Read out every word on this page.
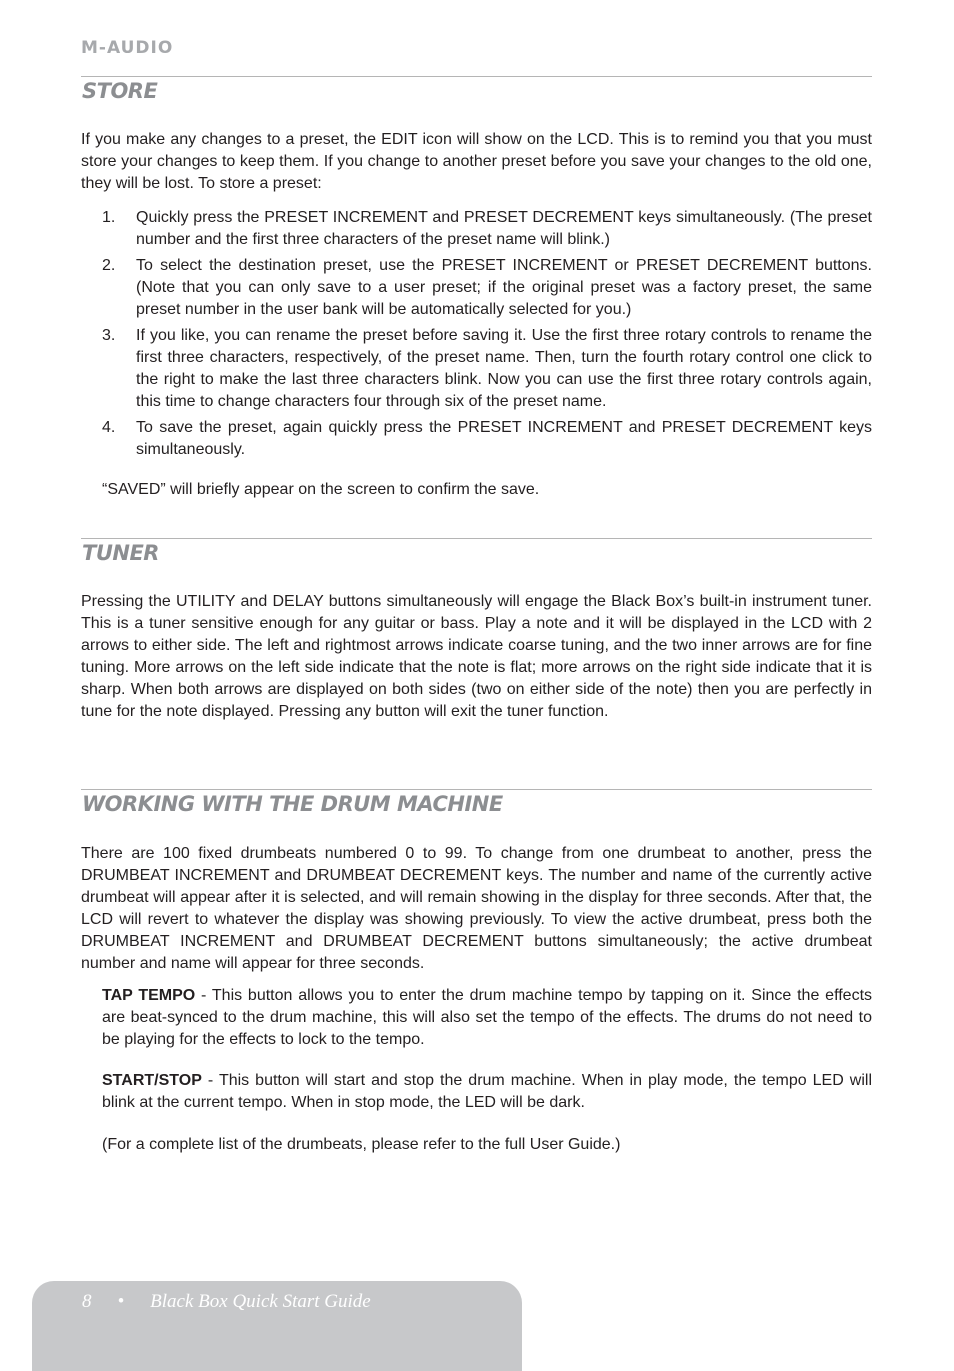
M-AUDIO
STORE

If you make any changes to a preset, the EDIT icon will show on the LCD. This is to remind you that you must store your changes to keep them. If you change to another preset before you save your changes to the old one, they will be lost. To store a preset:

1. Quickly press the PRESET INCREMENT and PRESET DECREMENT keys simultaneously. (The preset number and the first three characters of the preset name will blink.)
2. To select the destination preset, use the PRESET INCREMENT or PRESET DECREMENT buttons. (Note that you can only save to a user preset; if the original preset was a factory preset, the same preset number in the user bank will be automatically selected for you.)
3. If you like, you can rename the preset before saving it. Use the first three rotary controls to rename the first three characters, respectively, of the preset name. Then, turn the fourth rotary control one click to the right to make the last three characters blink. Now you can use the first three rotary controls again, this time to change characters four through six of the preset name.
4. To save the preset, again quickly press the PRESET INCREMENT and PRESET DECREMENT keys simultaneously.

“SAVED” will briefly appear on the screen to confirm the save.

TUNER

Pressing the UTILITY and DELAY buttons simultaneously will engage the Black Box’s built-in instrument tuner. This is a tuner sensitive enough for any guitar or bass. Play a note and it will be displayed in the LCD with 2 arrows to either side. The left and rightmost arrows indicate coarse tuning, and the two inner arrows are for fine tuning. More arrows on the left side indicate that the note is flat; more arrows on the right side indicate that it is sharp. When both arrows are displayed on both sides (two on either side of the note) then you are perfectly in tune for the note displayed. Pressing any button will exit the tuner function.

WORKING WITH THE DRUM MACHINE

There are 100 fixed drumbeats numbered 0 to 99. To change from one drumbeat to another, press the DRUMBEAT INCREMENT and DRUMBEAT DECREMENT keys. The number and name of the currently active drumbeat will appear after it is selected, and will remain showing in the display for three seconds. After that, the LCD will revert to whatever the display was showing previously. To view the active drumbeat, press both the DRUMBEAT INCREMENT and DRUMBEAT DECREMENT buttons simultaneously; the active drumbeat number and name will appear for three seconds.

TAP TEMPO - This button allows you to enter the drum machine tempo by tapping on it. Since the effects are beat-synced to the drum machine, this will also set the tempo of the effects. The drums do not need to be playing for the effects to lock to the tempo.

START/STOP - This button will start and stop the drum machine. When in play mode, the tempo LED will blink at the current tempo. When in stop mode, the LED will be dark.

(For a complete list of the drumbeats, please refer to the full User Guide.)

8 • Black Box Quick Start Guide
